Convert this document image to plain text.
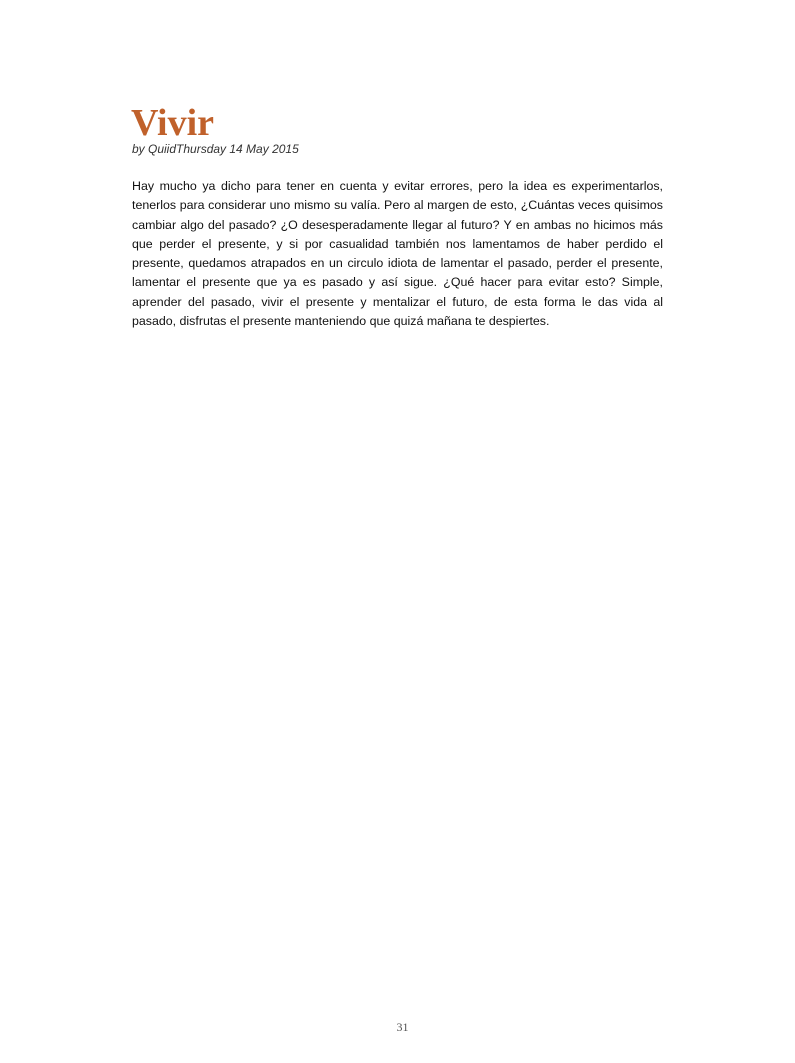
Vivir

by QuiidThursday 14 May 2015

Hay mucho ya dicho para tener en cuenta y evitar errores, pero la idea es experimentarlos, tenerlos para considerar uno mismo su valía. Pero al margen de esto, ¿Cuántas veces quisimos cambiar algo del pasado? ¿O desesperadamente llegar al futuro? Y en ambas no hicimos más que perder el presente, y si por casualidad también nos lamentamos de haber perdido el presente, quedamos atrapados en un circulo idiota de lamentar el pasado, perder el presente, lamentar el presente que ya es pasado y así sigue. ¿Qué hacer para evitar esto? Simple, aprender del pasado, vivir el presente y mentalizar el futuro, de esta forma le das vida al pasado, disfrutas el presente manteniendo que quizá mañana te despiertes.

31
